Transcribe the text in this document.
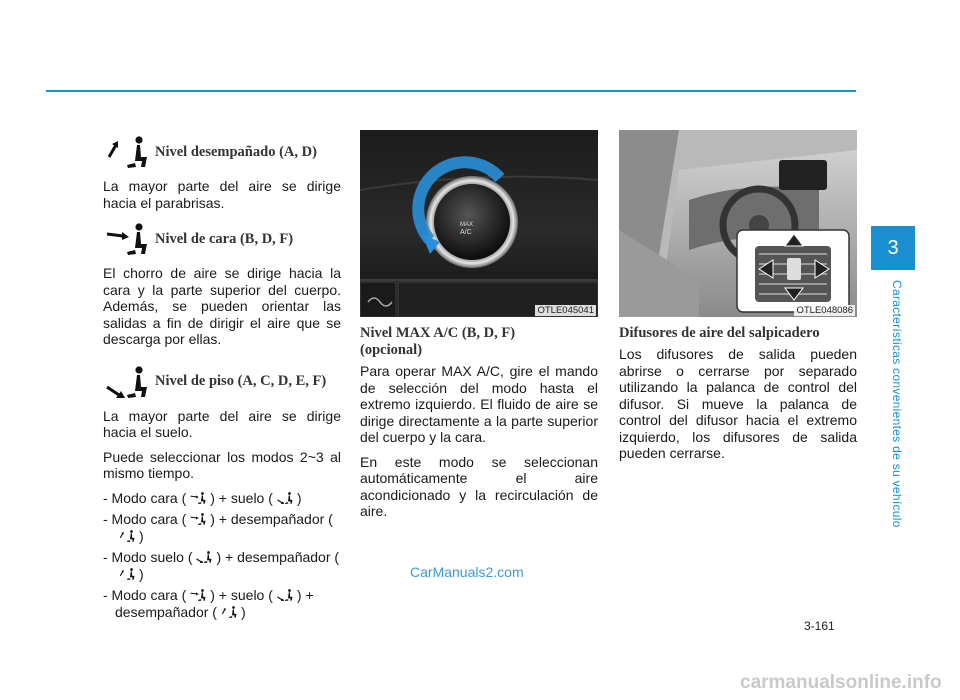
Nivel desempañado (A, D)

La mayor parte del aire se dirige hacia el parabrisas.

Nivel de cara (B, D, F)

El chorro de aire se dirige hacia la cara y la parte superior del cuerpo. Además, se pueden orientar las salidas a fin de dirigir el aire que se descarga por ellas.

Nivel de piso (A, C, D, E, F)

La mayor parte del aire se dirige hacia el suelo.

Puede seleccionar los modos 2~3 al mismo tiempo.

- Modo cara ( ) + suelo ( )
- Modo cara ( ) + desempañador ()
- Modo suelo ( ) + desempañador ()
- Modo cara ( ) + suelo ( ) + desempañador ( )
MAX
A/C
OTLE045041
Nivel MAX A/C (B, D, F)
(opcional)

Para operar MAX A/C, gire el mando de selección del modo hasta el extremo izquierdo. El fluido de aire se dirige directamente a la parte superior del cuerpo y la cara.

En este modo se seleccionan automáticamente el aire acondicionado y la recirculación de aire.

OTLE048086
Difusores de aire del salpicadero

Los difusores de salida pueden abrirse o cerrarse por separado utilizando la palanca de control del difusor. Si mueve la palanca de control del difusor hacia el extremo izquierdo, los difusores de salida pueden cerrarse.

3
Características convenientes de su vehículo
3-161
CarManuals2.com
carmanualsonline.info
